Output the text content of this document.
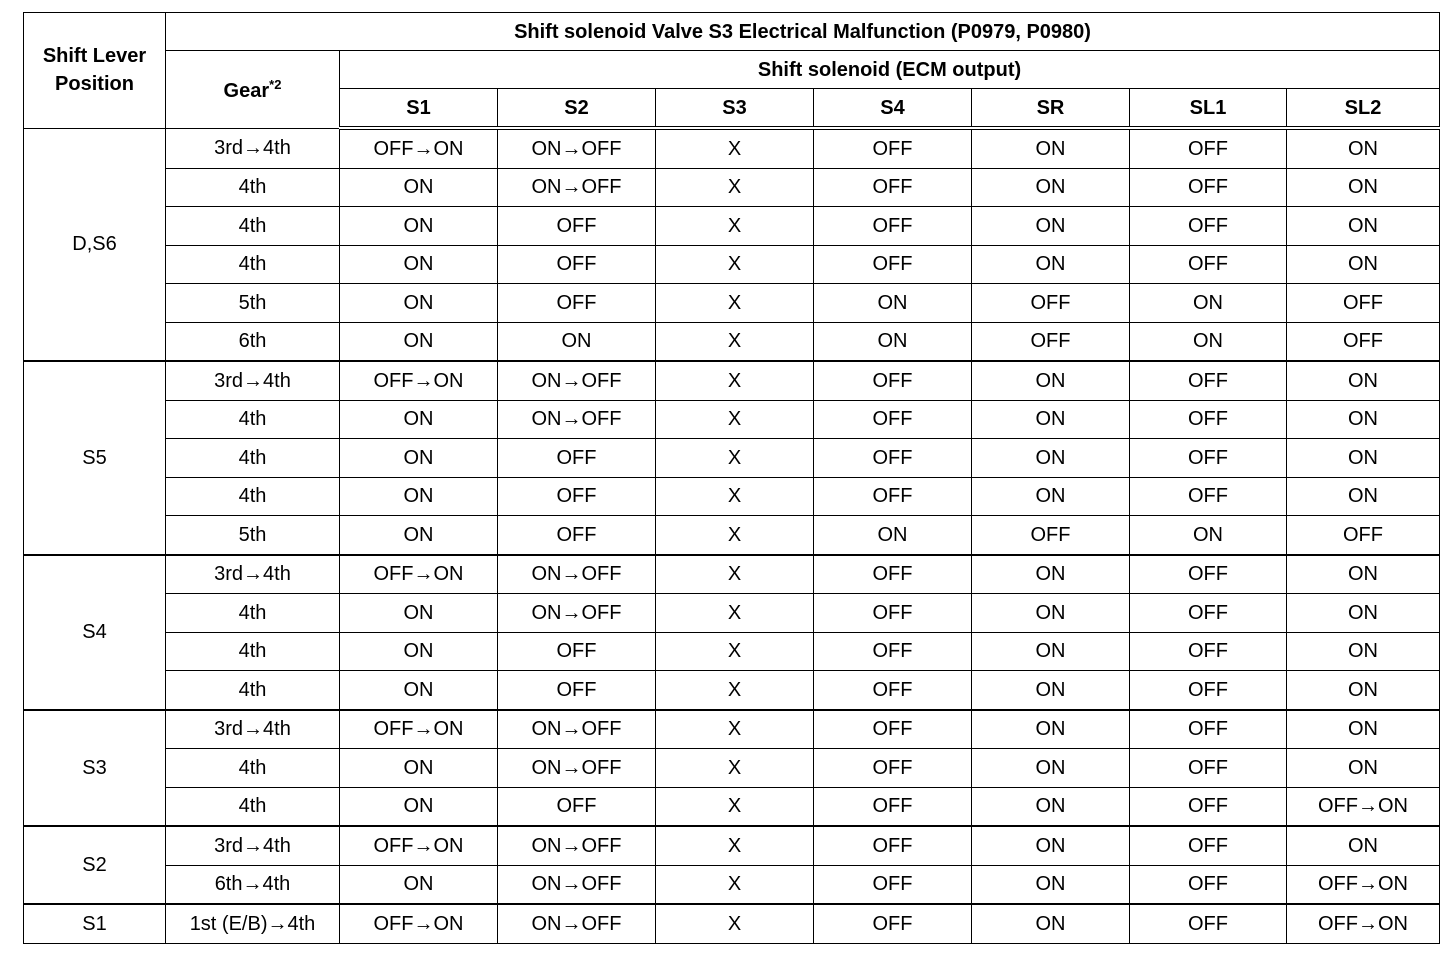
Shift Lever Position	Shift solenoid Valve S3 Electrical Malfunction (P0979, P0980)							
	Gear$^{*2}$	Shift solenoid (ECM output)						
		S1	S2	S3	S4	SR	SL1	SL2
D,S6	3rd→4th	OFF→ON	ON→OFF	X	OFF	ON	OFF	ON
	4th	ON	ON→OFF	X	OFF	ON	OFF	ON
	4th	ON	OFF	X	OFF	ON	OFF	ON
	4th	ON	OFF	X	OFF	ON	OFF	ON
	5th	ON	OFF	X	ON	OFF	ON	OFF
	6th	ON	ON	X	ON	OFF	ON	OFF
S5	3rd→4th	OFF→ON	ON→OFF	X	OFF	ON	OFF	ON
	4th	ON	ON→OFF	X	OFF	ON	OFF	ON
	4th	ON	OFF	X	OFF	ON	OFF	ON
	4th	ON	OFF	X	OFF	ON	OFF	ON
	5th	ON	OFF	X	ON	OFF	ON	OFF
S4	3rd→4th	OFF→ON	ON→OFF	X	OFF	ON	OFF	ON
	4th	ON	ON→OFF	X	OFF	ON	OFF	ON
	4th	ON	OFF	X	OFF	ON	OFF	ON
	4th	ON	OFF	X	OFF	ON	OFF	ON
S3	3rd→4th	OFF→ON	ON→OFF	X	OFF	ON	OFF	ON
	4th	ON	ON→OFF	X	OFF	ON	OFF	ON
	4th	ON	OFF	X	OFF	ON	OFF	OFF→ON
S2	3rd→4th	OFF→ON	ON→OFF	X	OFF	ON	OFF	ON
	6th→4th	ON	ON→OFF	X	OFF	ON	OFF	OFF→ON
S1	1st (E/B)→4th	OFF→ON	ON→OFF	X	OFF	ON	OFF	OFF→ON
